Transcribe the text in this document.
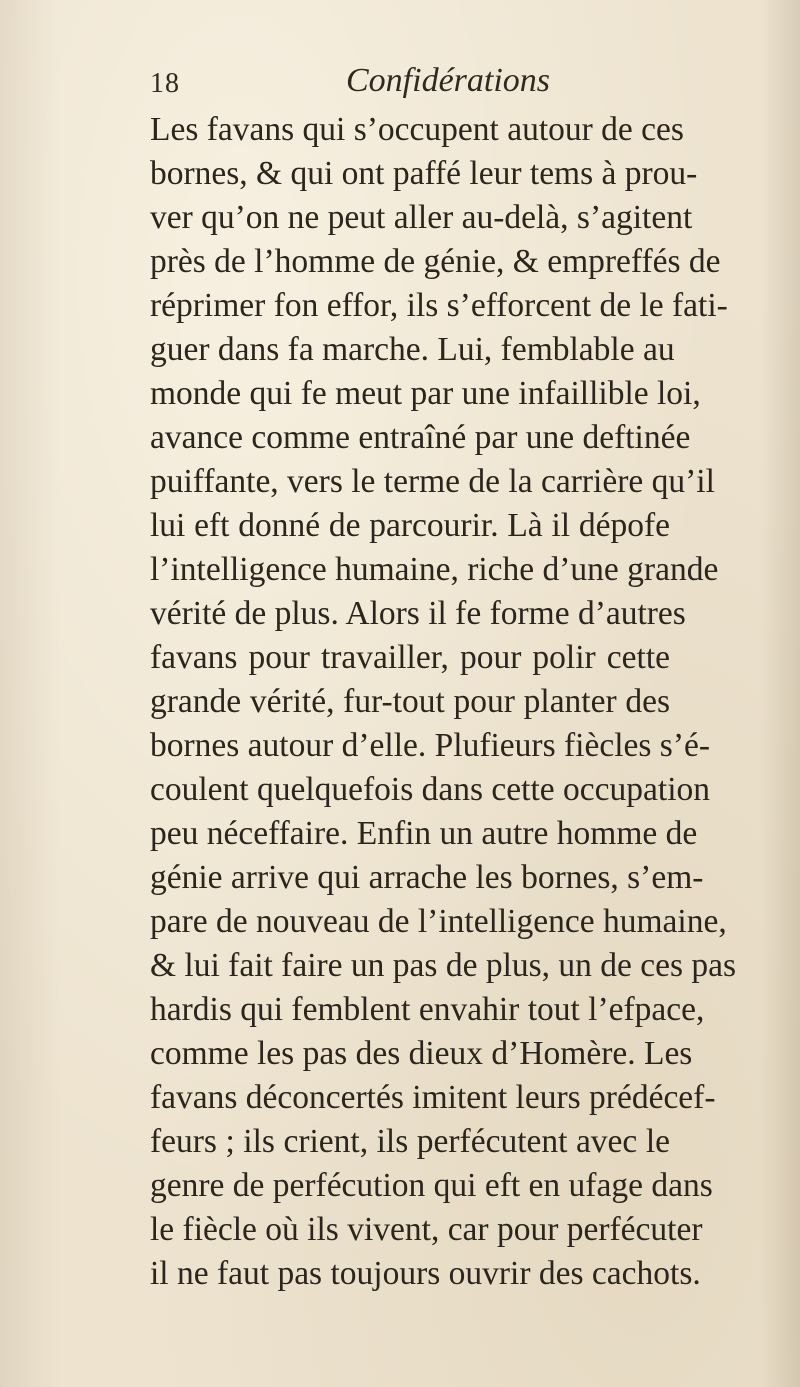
18	Confidérations
Les favans qui s’occupent autour de ces
bornes, & qui ont paffé leur tems à prou-
ver qu’on ne peut aller au-delà, s’agitent
près de l’homme de génie, & empreffés de
réprimer fon effor, ils s’efforcent de le fati-
guer dans fa marche. Lui, femblable au
monde qui fe meut par une infaillible loi,
avance comme entraîné par une deftinée
puiffante, vers le terme de la carrière qu’il
lui eft donné de parcourir. Là il dépofe
l’intelligence humaine, riche d’une grande
vérité de plus. Alors il fe forme d’autres
favans pour travailler, pour polir cette
grande vérité, fur-tout pour planter des
bornes autour d’elle. Plufieurs fiècles s’é-
coulent quelquefois dans cette occupation
peu néceffaire. Enfin un autre homme de
génie arrive qui arrache les bornes, s’em-
pare de nouveau de l’intelligence humaine,
& lui fait faire un pas de plus, un de ces pas
hardis qui femblent envahir tout l’efpace,
comme les pas des dieux d’Homère. Les
favans déconcertés imitent leurs prédécef-
feurs ; ils crient, ils perfécutent avec le
genre de perfécution qui eft en ufage dans
le fiècle où ils vivent, car pour perfécuter
il ne faut pas toujours ouvrir des cachots.
